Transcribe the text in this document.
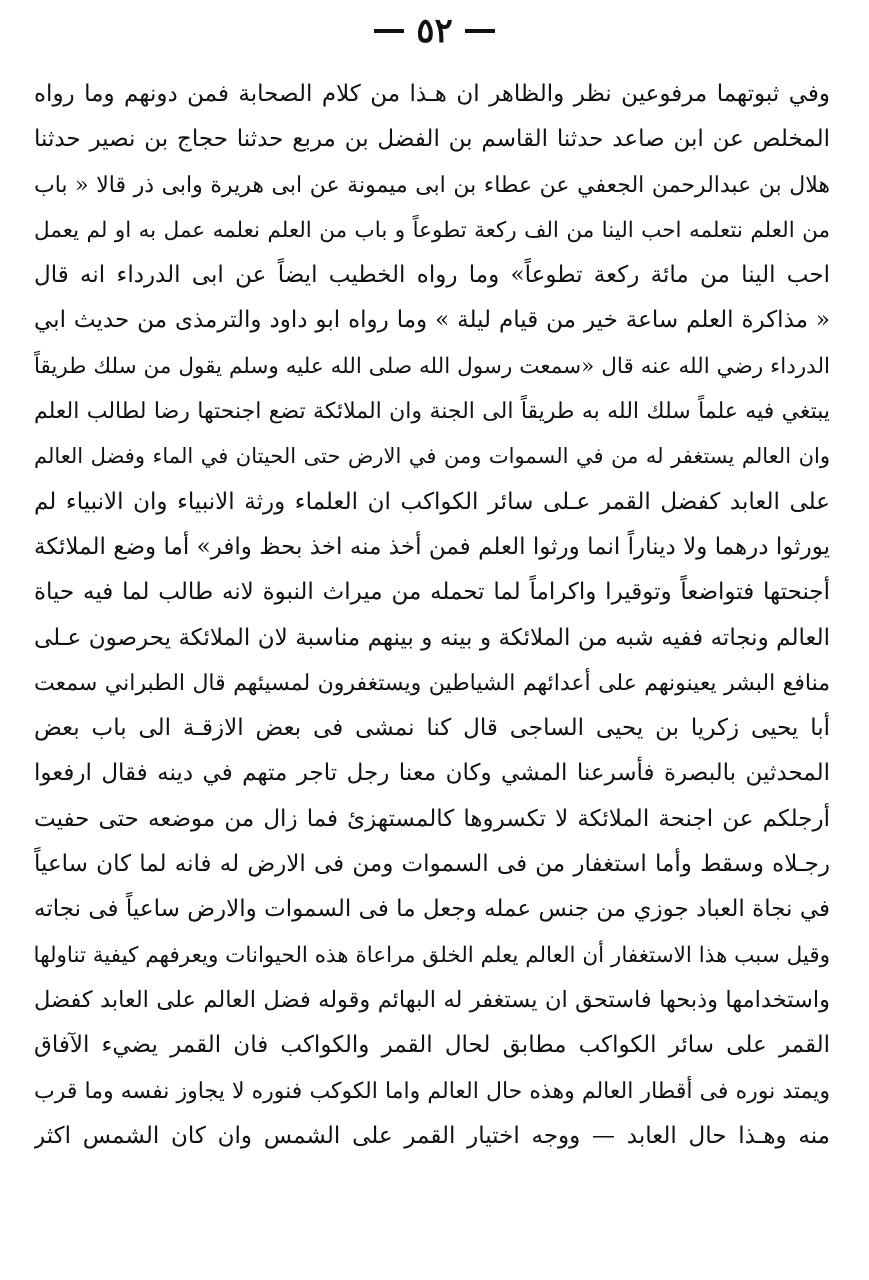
٥٢
وفي ثبوتهما مرفوعين نظر والظاهر ان هـذا من كلام الصحابة فمن دونهم وما رواه
المخلص عن ابن صاعد حدثنا القاسم بن الفضل بن مربع حدثنا حجاج بن نصير حدثنا
هلال بن عبدالرحمن الجعفي عن عطاء بن ابى ميمونة عن ابى هريرة وابى ذر قالا « باب
من العلم نتعلمه احب الينا من الف ركعة تطوعاً و باب من العلم نعلمه عمل به او لم يعمل
احب الينا من مائة ركعة تطوعاً» وما رواه الخطيب ايضاً عن ابى الدرداء انه قال
« مذاكرة العلم ساعة خير من قيام ليلة » وما رواه ابو داود والترمذى من حديث ابي
الدرداء رضي الله عنه قال «سمعت رسول الله صلى الله عليه وسلم يقول من سلك طريقاً
يبتغي فيه علماً سلك الله به طريقاً الى الجنة وان الملائكة تضع اجنحتها رضا لطالب العلم
وان العالم يستغفر له من في السموات ومن في الارض حتى الحيتان في الماء وفضل العالم
على العابد كفضل القمر عـلى سائر الكواكب ان العلماء ورثة الانبياء وان الانبياء لم
يورثوا درهما ولا ديناراً انما ورثوا العلم فمن أخذ منه اخذ بحظ وافر» أما وضع الملائكة
أجنحتها فتواضعاً وتوقيرا واكراماً لما تحمله من ميراث النبوة لانه طالب لما فيه حياة
العالم ونجاته ففيه شبه من الملائكة و بينه و بينهم مناسبة لان الملائكة يحرصون عـلى
منافع البشر يعينونهم على أعدائهم الشياطين ويستغفرون لمسيئهم قال الطبراني سمعت
أبا يحيى زكريا بن يحيى الساجى قال كنا نمشى فى بعض الازقـة الى باب بعض
المحدثين بالبصرة فأسرعنا المشي وكان معنا رجل تاجر متهم في دينه فقال ارفعوا
أرجلكم عن اجنحة الملائكة لا تكسروها كالمستهزئ فما زال من موضعه حتى حفيت
رجـلاه وسقط وأما استغفار من فى السموات ومن فى الارض له فانه لما كان ساعياً
في نجاة العباد جوزي من جنس عمله وجعل ما فى السموات والارض ساعياً فى نجاته
وقيل سبب هذا الاستغفار أن العالم يعلم الخلق مراعاة هذه الحيوانات ويعرفهم كيفية تناولها
واستخدامها وذبحها فاستحق ان يستغفر له البهائم وقوله فضل العالم على العابد كفضل
القمر على سائر الكواكب مطابق لحال القمر والكواكب فان القمر يضيء الآفاق
ويمتد نوره فى أقطار العالم وهذه حال العالم واما الكوكب فنوره لا يجاوز نفسه وما قرب
منه وهـذا حال العابد — ووجه اختيار القمر على الشمس وان كان الشمس اكثر
